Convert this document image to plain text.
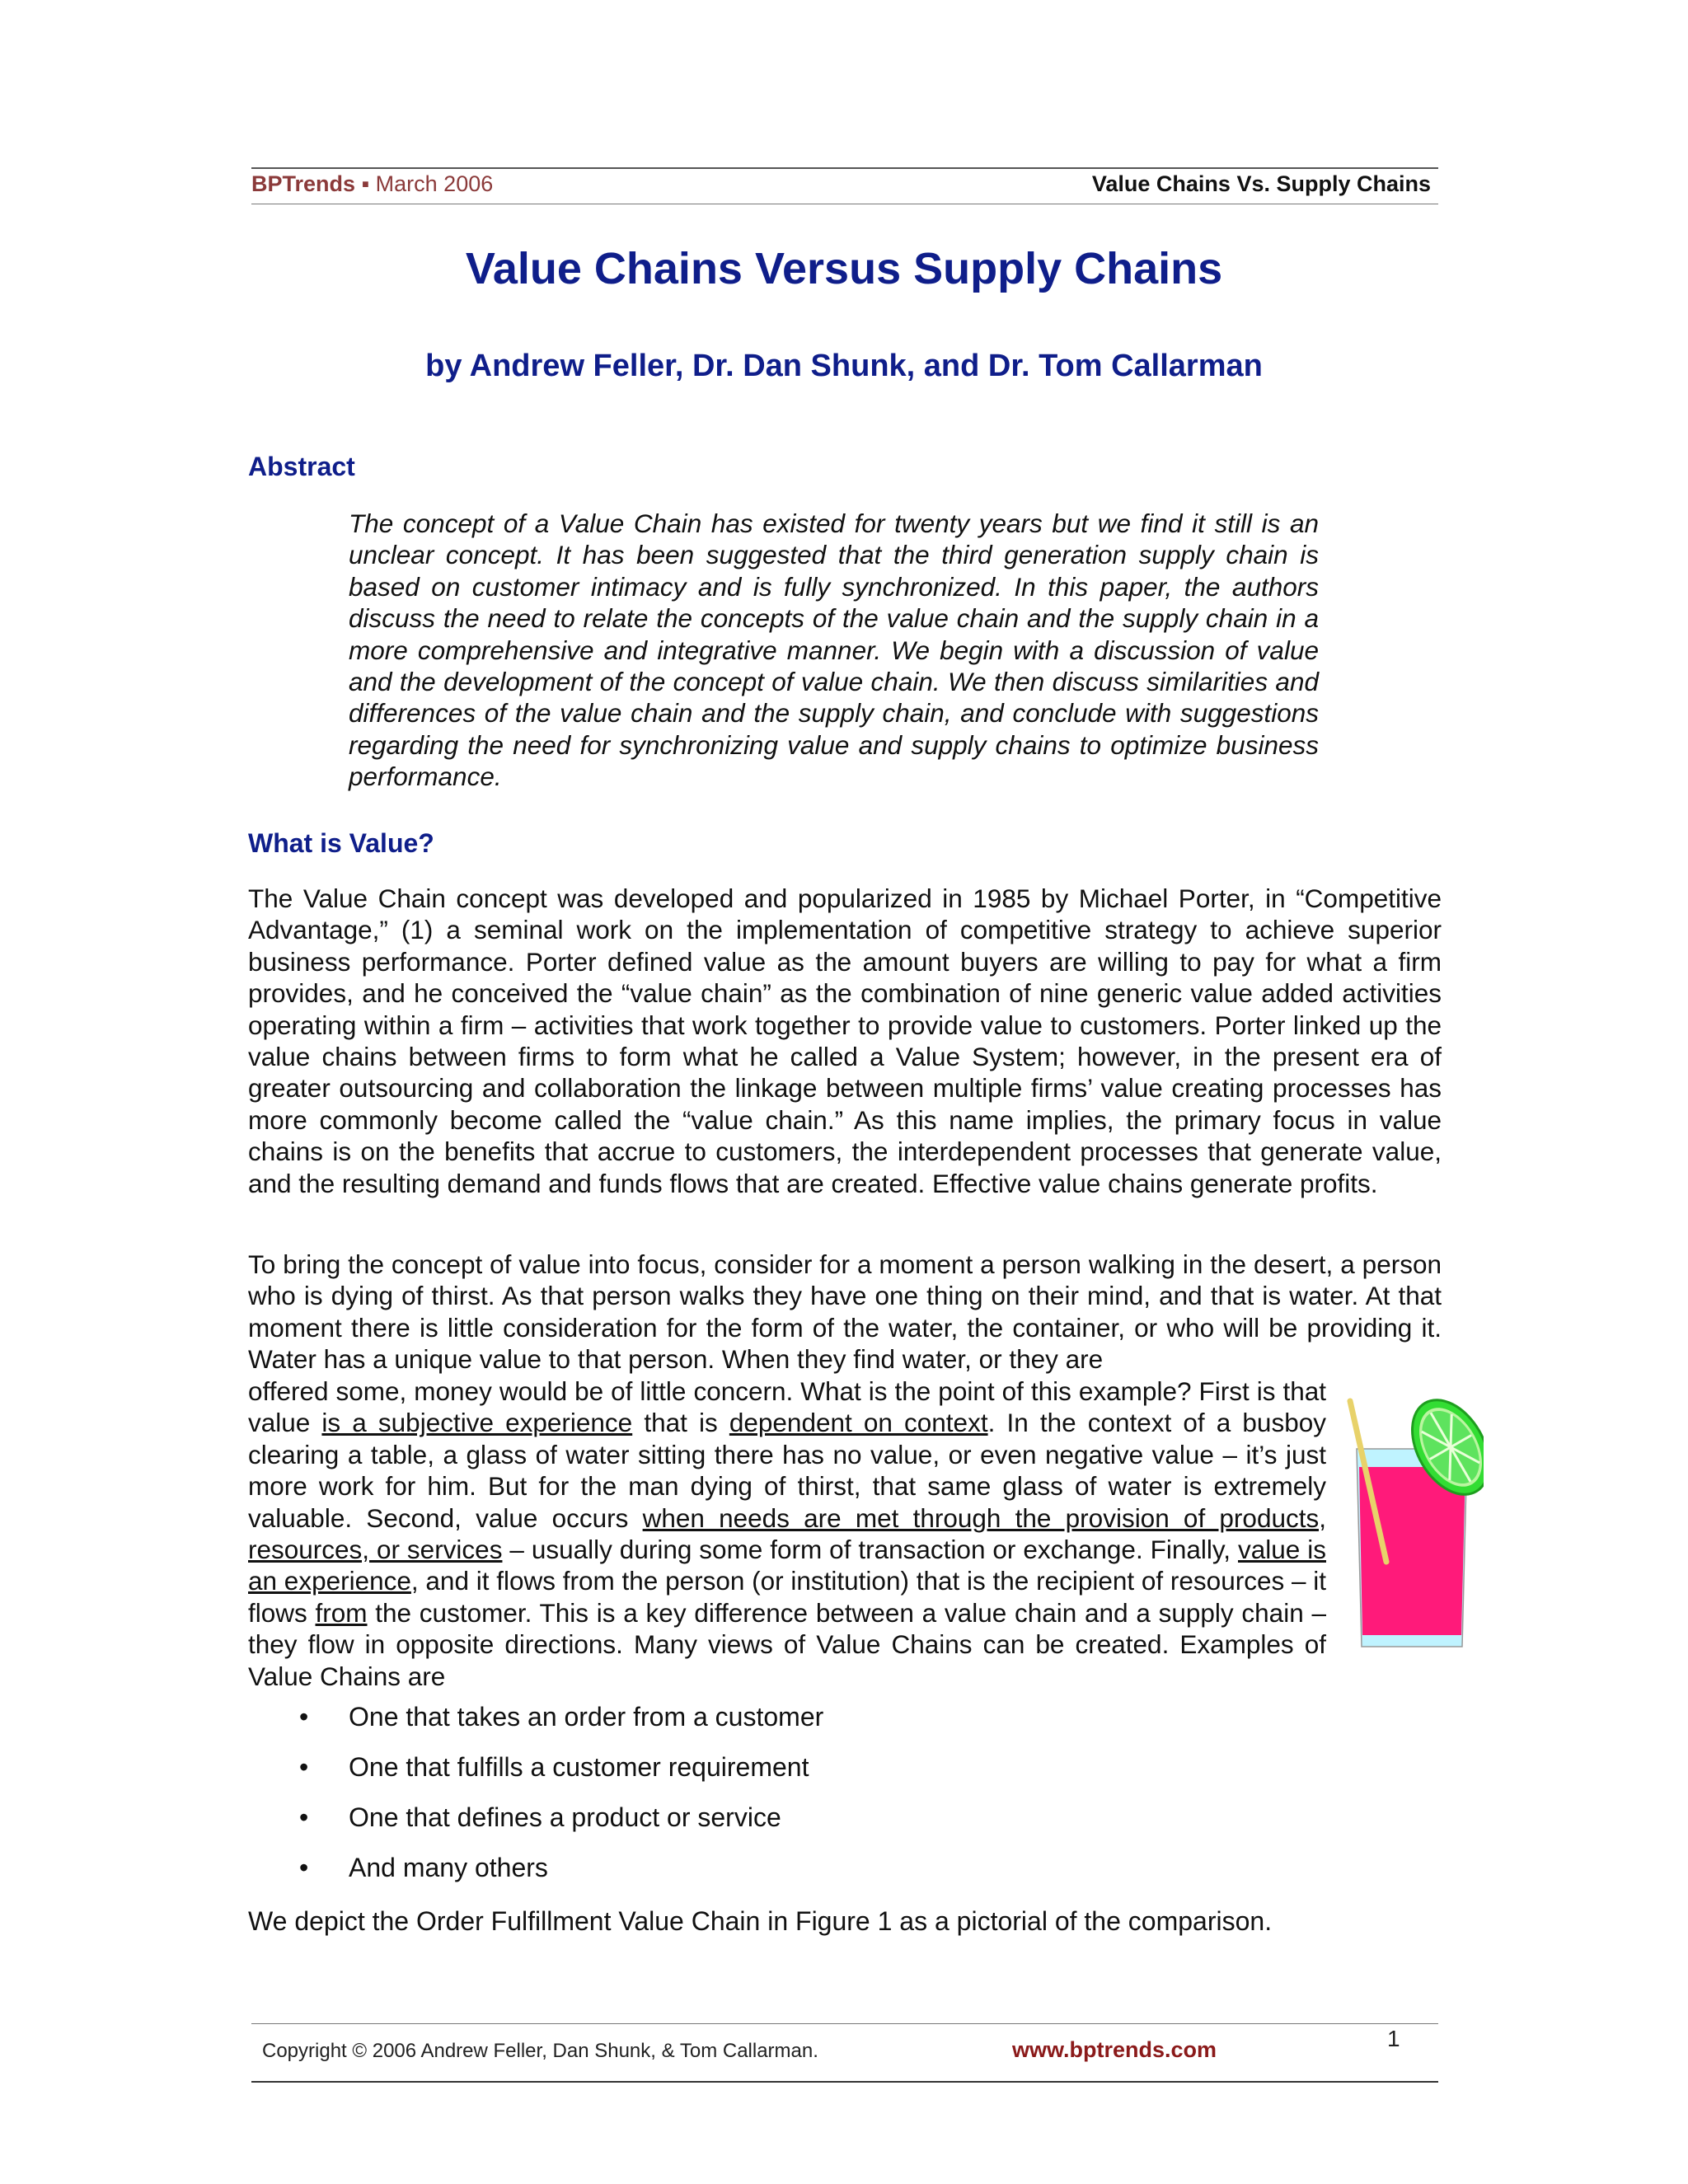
BPTrends ▪ March 2006	Value Chains Vs. Supply Chains
Value Chains Versus Supply Chains
by Andrew Feller, Dr. Dan Shunk, and Dr. Tom Callarman
Abstract

The concept of a Value Chain has existed for twenty years but we find it still is an unclear concept. It has been suggested that the third generation supply chain is based on customer intimacy and is fully synchronized. In this paper, the authors discuss the need to relate the concepts of the value chain and the supply chain in a more comprehensive and integrative manner. We begin with a discussion of value and the development of the concept of value chain. We then discuss similarities and differences of the value chain and the supply chain, and conclude with suggestions regarding the need for synchronizing value and supply chains to optimize business performance.

What is Value?

The Value Chain concept was developed and popularized in 1985 by Michael Porter, in “Competitive Advantage,” (1) a seminal work on the implementation of competitive strategy to achieve superior business performance. Porter defined value as the amount buyers are willing to pay for what a firm provides, and he conceived the “value chain” as the combination of nine generic value added activities operating within a firm – activities that work together to provide value to customers. Porter linked up the value chains between firms to form what he called a Value System; however, in the present era of greater outsourcing and collaboration the linkage between multiple firms’ value creating processes has more commonly become called the “value chain.” As this name implies, the primary focus in value chains is on the benefits that accrue to customers, the interdependent processes that generate value, and the resulting demand and funds flows that are created. Effective value chains generate profits.

To bring the concept of value into focus, consider for a moment a person walking in the desert, a person who is dying of thirst. As that person walks they have one thing on their mind, and that is water. At that moment there is little consideration for the form of the water, the container, or who will be providing it. Water has a unique value to that person. When they find water, or they are

offered some, money would be of little concern. What is the point of this example? First is that value is a subjective experience that is dependent on context. In the context of a busboy clearing a table, a glass of water sitting there has no value, or even negative value – it’s just more work for him. But for the man dying of thirst, that same glass of water is extremely valuable. Second, value occurs when needs are met through the provision of products, resources, or services – usually during some form of transaction or exchange. Finally, value is an experience, and it flows from the person (or institution) that is the recipient of resources – it flows from the customer. This is a key difference between a value chain and a supply chain – they flow in opposite directions. Many views of Value Chains can be created. Examples of Value Chains are

• One that takes an order from a customer
• One that fulfills a customer requirement
• One that defines a product or service
• And many others

We depict the Order Fulfillment Value Chain in Figure 1 as a pictorial of the comparison.

Copyright © 2006 Andrew Feller, Dan Shunk, & Tom Callarman.	www.bptrends.com	1
